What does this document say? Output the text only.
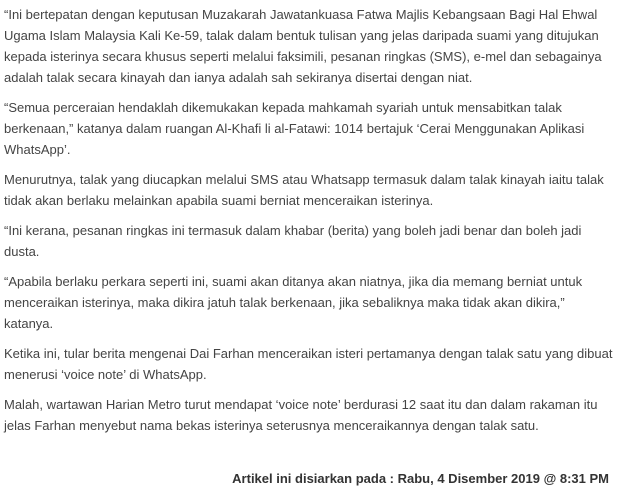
“Ini bertepatan dengan keputusan Muzakarah Jawatankuasa Fatwa Majlis Kebangsaan Bagi Hal Ehwal Ugama Islam Malaysia Kali Ke-59, talak dalam bentuk tulisan yang jelas daripada suami yang ditujukan kepada isterinya secara khusus seperti melalui faksimili, pesanan ringkas (SMS), e-mel dan sebagainya adalah talak secara kinayah dan ianya adalah sah sekiranya disertai dengan niat.

“Semua perceraian hendaklah dikemukakan kepada mahkamah syariah untuk mensabitkan talak berkenaan,” katanya dalam ruangan Al-Khafi li al-Fatawi: 1014 bertajuk ‘Cerai Menggunakan Aplikasi WhatsApp’.

Menurutnya, talak yang diucapkan melalui SMS atau Whatsapp termasuk dalam talak kinayah iaitu talak tidak akan berlaku melainkan apabila suami berniat menceraikan isterinya.

“Ini kerana, pesanan ringkas ini termasuk dalam khabar (berita) yang boleh jadi benar dan boleh jadi dusta.

“Apabila berlaku perkara seperti ini, suami akan ditanya akan niatnya, jika dia memang berniat untuk menceraikan isterinya, maka dikira jatuh talak berkenaan, jika sebaliknya maka tidak akan dikira,” katanya.

Ketika ini, tular berita mengenai Dai Farhan menceraikan isteri pertamanya dengan talak satu yang dibuat menerusi ‘voice note’ di WhatsApp.

Malah, wartawan Harian Metro turut mendapat ‘voice note’ berdurasi 12 saat itu dan dalam rakaman itu jelas Farhan menyebut nama bekas isterinya seterusnya menceraikannya dengan talak satu.

Artikel ini disiarkan pada : Rabu, 4 Disember 2019 @ 8:31 PM
